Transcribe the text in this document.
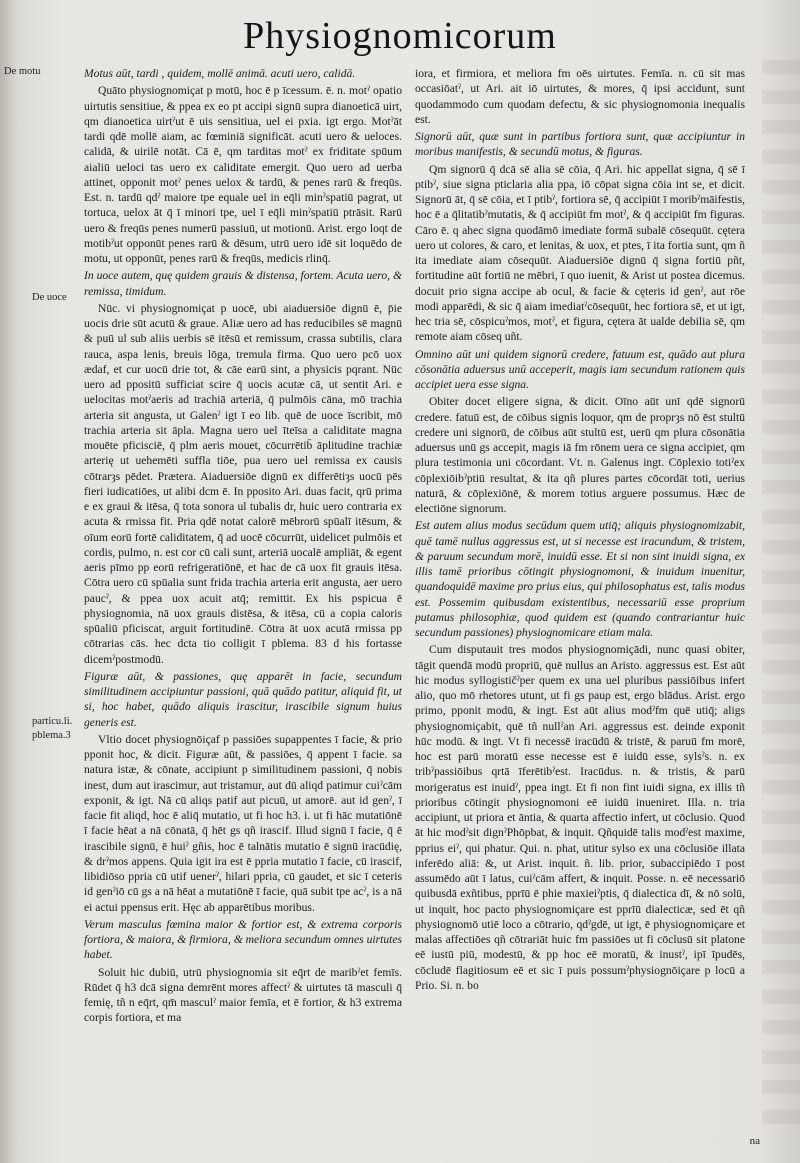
Physiognomicorum
De motu
De uoce
particu.li.
pblema.3

Motus aūt, tardi , quidem, mollē animā. acuti uero, calidā.

Quāto physiognomiçat p motū, hoc ē p īcessum. ē. n. motˀ opatio uirtutis sensitiue, & ppea ex eo pt accipi signū supra dianoeticā uirt, qm dianoetica uirtˀut ē uis sensitiua, uel ei pxia. igt ergo. Motˀāt tardi qdē mollē aiam, ac fœminiā significāt. acuti uero & ueloces. calidā, & uirilē notāt. Cā ē, qm tarditas motˀ ex friditate spūum aialiū ueloci tas uero ex caliditate emergit. Quo uero ad uerba attinet, opponit motˀ penes uelox & tardū, & penes rarū & freqūs. Est. n. tardū qdˀ maiore tpe equale uel in eq̄li minˀspatiū pagrat, ut tortuca, uelox āt q̄ ī minori tpe, uel ī eq̄li minˀspatiū ptrāsit. Rarū uero & freqūs penes numerū passiuū, ut motionū. Arist. ergo loqt de motibˀut opponūt penes rarū & dēsum, utrū uero idē sit loquēdo de motu, ut opponūt, penes rarū & freqūs, medicis rlinq̄.

In uoce autem, quę quidem grauis & distensa, fortem. Acuta uero, & remissa, timidum.

Nūc. vi physiognomiçat p uocē, ubi aiaduersiōe dignū ē, p̄ie uocis drie sūt acutū & graue. Aliæ uero ad has reducibiles sē magnū & puū ul sub aliis uerbis sē itēsū et remissum, crassa subtilis, clara rauca, aspa lenis, breuis lōga, tremula firma. Quo uero pcō uox ædaf, et cur uocū drie tot, & cāe earū sint, a physicis pqrant. Nūc uero ad ppositū sufficiat scire q̄ uocis acutæ cā, ut sentit Ari. e uelocitas motˀaeris ad trachiā arteriā, q̄ pulmōis cāna, mō trachia arteria sit angusta, ut Galenˀ igt ī eo lib. quē de uoce īscribit, mō trachia arteria sit āpla. Magna uero uel īteīsa a caliditate magna mouēte pficisciē, q̄ plm aeris mouet, cōcurrētib̄ āplitudine trachiæ arterię ut uehemēti suffla tiōe, pua uero uel remissa ex causis cōtrarȝs pēdet. Prætera. Aiaduersiōe dignū ex differētiȝs uocū pēs fieri iudicatiōes, ut alibi dcm ē. In pposito Ari. duas facit, qrū prima e ex graui & itēsa, q̄ tota sonora ul tubalis dr, huic uero contraria ex acuta & rmissa fit. Pria qdē notat calorē mēbrorū spūalī itēsum, & oīum eorū fortē caliditatem, q̄ ad uocē cōcurrūt, uidelicet pulmōis et cordis, pulmo, n. est cor cū cali sunt, arteriā uocalē ampliāt, & egent aeris pīmo pp eorū refrigeratiōnē, et hac de cā uox fit grauis itēsa. Cōtra uero cū spūalia sunt frida trachia arteria erit angusta, aer uero paucˀ, & ppea uox acuit atq̄; remittit. Ex his pspicua ē physiognomia, nā uox grauis distēsa, & itēsa, cū a copia caloris spūaliū pficiscat, arguit fortitudinē. Cōtra āt uox acutā rmissa pp cōtrarias cās. hec dcta tio colligit ī pblema. 83 d his fortasse dicemˀpostmodū.

Figuræ aūt, & passiones, quę apparēt in facie, secundum similitudinem accipiuntur passioni, quā quādo patitur, aliquid fit, ut si, hoc habet, quādo aliquis irascitur, irascibile signum huius generis est.

Vltio docet physiognōiçaf p passiōes suρappentes ī facie, & prio pponit hoc, & dicit. Figuræ aūt, & passiōes, q̄ appent ī facie. sa natura istæ, & cōnate, accipiunt p similitudinem passioni, q̄ nobis inest, dum aut irascimur, aut tristamur, aut dū aliqd patimur cuiˀcām exponit, & igt. Nā cū aliqs patif aut picuū, ut amorē. aut id genˀ, ī facie fit aliqd, hoc ē aliq̄ mutatio, ut fi hoc h3. i. ut fi hāc mutatiōnē ī facie hēat a nā cōnatā, q̄ hēt gs qñ irascif. Illud signū ī facie, q̄ ē irascibile signū, ē huiˀ gñis, hoc ē talnātis mutatio ē signū iracūdię, & drˀmos appens. Quia igit ira est ē ppria mutatio ī facie, cū irascif, libidiōso ppria cū utif uenerˀ, hilari ppria, cū gaudet, et sic ī ceteris id genˀiō cū gs a nā hēat a mutatiōnē ī facie, quā subit tpe acˀ, is a nā ei actui ppensus erit. Hęc ab apparētibus moribus.

Verum masculus fœmina maior & fortior est, & extrema corporis fortiora, & maiora, & firmiora, & meliora secundum omnes uirtutes habet.

Soluit hic dubiū, utrū physiognomia sit eq̄rt de maribˀet femīs. Rūdet q̄ h3 dcā signa demrēnt mores affectˀ & uirtutes tā masculi q̄ femię, tñ n eq̄rt, qm̄ masculˀ maior femīa, et ē fortior, & h3 extrema corpis fortiora, et ma

iora, et firmiora, et meliora fm oēs uirtutes. Femīa. n. cū sit mas occasiōatˀ, ut Ari. ait iō uirtutes, & mores, q̄ ipsi accidunt, sunt quodammodo cum quodam defectu, & sic physiognomonia inequalis est.

Signorū aūt, quæ sunt in partibus fortiora sunt, quæ accipiuntur in moribus manifestis, & secundū motus, & figuras.

Qm signorū q̄ dcā sē alia sē cōia, q̄ Ari. hic appellat signa, q̄ sē ī ptibˀ, siue signa pticlaria alia ppa, iō cōpat signa cōia int se, et dicit. Signorū āt, q̄ sē cōia, et ī ptibˀ, fortiora sē, q̄ accipiūt ī moribˀmāifestis, hoc ē a q̄litatibˀmutatis, & q̄ accipiūt fm motˀ, & q̄ accipiūt fm figuras. Cāro ē. q ahec signa quodāmō imediate formā subalē cōsequūt. cętera uero ut colores, & caro, et lenitas, & uox, et ptes, ī ita fortia sunt, qm ñ ita imediate aiam cōsequūt. Aiaduersiōe dignū q̄ signa fortiū pñt, fortitudine aūt fortiū ne mēbri, ī quo iuenit, & Arist ut postea dicemus. docuit prio signa accipe ab ocul, & facie & cęteris id genˀ, aut rōe modi apparēdi, & sic q̄ aiam imediatˀcōsequūt, hec fortiora sē, et ut igt, hec tria sē, cōspicuˀmos, motˀ, et figura, cętera āt ualde debilia sē, qm remote aiam cōseq uñt.

Omnino aūt uni quidem signorū credere, fatuum est, quādo aut plura cōsonātia aduersus unū acceperit, magis iam secundum rationem quis accipiet uera esse signa.

Obiter docet eligere signa, & dicit. Oīno aūt unī qdē signorū credere. fatuū est, de cōibus signis loquor, qm de proprȝs nō ēst stultū credere uni signorū, de cōibus aūt stultū est, uerū qm plura cōsonātia aduersus unū gs accepit, magis iā fm rōnem uera ce signa accipiet, qm plura testimonia uni cōcordant. Vt. n. Galenus ingt. Cōplexio totiˀex cōplexiōibˀptiū resultat, & ita qñ plures partes cōcordāt toti, uerius naturā, & cōplexiōnē, & morem totius arguere possumus. Hæc de electiōne signorum.

Est autem alius modus secūdum quem utiq̄; aliquis physiognomizabit, quē tamē nullus aggressus est, ut si necesse est iracundum, & tristem, & paruum secundum morē, inuidū esse. Et si non sint inuidi signa, ex illis tamē prioribus cōtingit physiognomoni, & inuidum inuenitur, quandoquidē maxime pro prius eius, qui philosophatus est, talis modus est. Possemim quibusdam existentibus, necessariū esse proprium putamus philosophiæ, quod quidem est (quando contrariantur huic secundum passiones) physiognomicare etiam mala.

Cum disputauit tres modos physiognomiçādi, nunc quasi obiter, tāgit quendā modū propriū, quē nullus an Aristo. aggressus est. Est aūt hic modus syllogističˀper quem ex una uel pluribus passiōibus infert alio, quo mō rhetores utunt, ut fi gs pauρ est, ergo blādus. Arist. ergo primo, pponit modū, & ingt. Est aūt alius modˀfm quē utiq̄; aligs physiognomiçabit, quē tñ nullˀan Ari. aggressus est. deinde exponit hūc modū. & ingt. Vt fi necessē iracūdū & tristē, & paruū fm morē, hoc est parū moratū esse necesse est ē iuidū esse, sylsˀs. n. ex tribˀpassiōibus qrtā īferētibˀest. Iracūdus. n. & tristis, & parū morigeratus est inuidˀ, ppea ingt. Et fi non fint iuidi signa, ex illis tñ prioribus cōtingit physiognomoni eē iuidū inueniret. Illa. n. tria accipiunt, ut priora et āntia, & quarta affectio infert, ut cōclusio. Quod āt hic modˀsit dignˀPhōpbat, & inquit. Qñquidē talis modˀest maxime, pprius eiˀ, qui phatur. Qui. n. phat, utitur sylso ex una cōclusiōe illata inferēdo aliā: &, ut Arist. inquit. ñ. lib. prior, subaccipiēdo ī post assumēdo aūt ī latus, cuiˀcām affert, & inquit. Posse. n. eē necessariō quibusdā exñtibus, pprīū ē phie maxieiˀptis, q̄ dialectica dī, & nō solū, ut inquit, hoc pacto physiognomiçare est pprīū dialecticæ, sed ēt qñ physiognomō utiē loco a cōtrario, qdˀgdē, ut igt, ē physiognomiçare et malas affectiōes qñ cōtrariāt huic fm passiōes ut fi cōclusū sit platone eē iustū piū, modestū, & pp hoc eē moratū, & inustˀ, ipī īpudēs, cōcludē flagitiosum eē et sic ī puis possumˀphysiognōiçare p locū a Prio. Si. n. bo

na
